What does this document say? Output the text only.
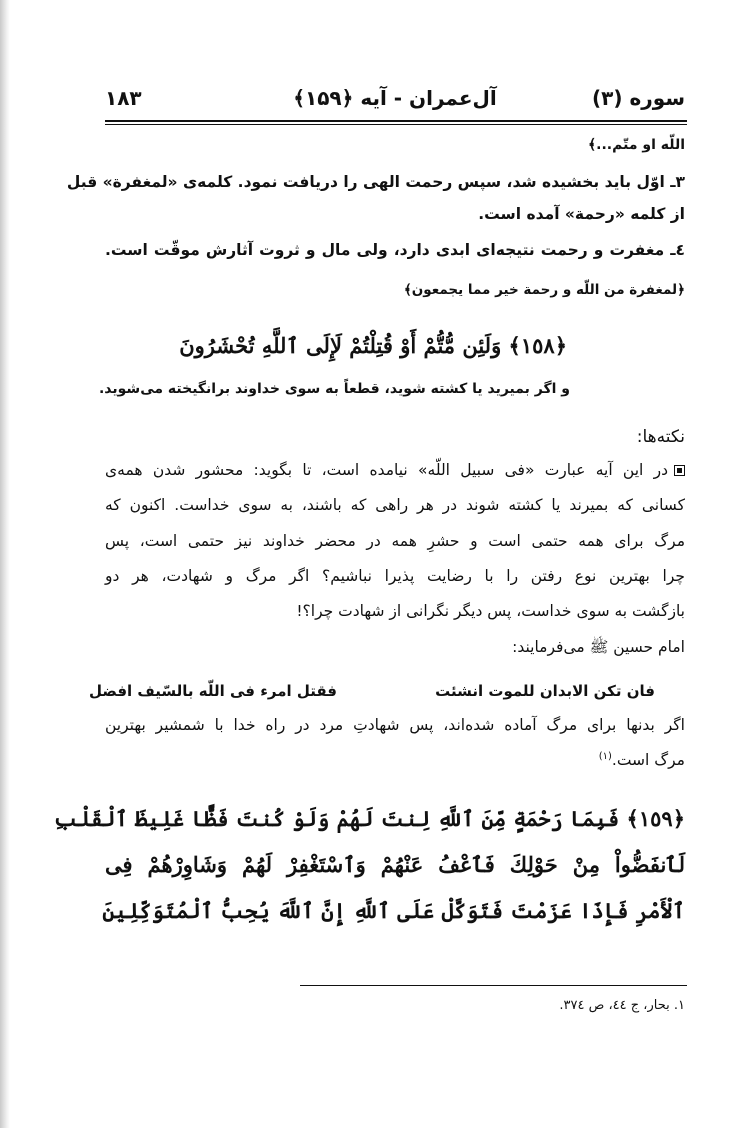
سوره (۳)
آل‌عمران - آیه ﴿۱۵۹﴾
۱۸۳
اللّه او متّم...﴾
۳ـ اوّل باید بخشیده شد، سپس رحمت الهی را دریافت نمود. کلمه‌ی «لمغفرة» قبل
از کلمه «رحمة» آمده است.
٤ـ مغفرت و رحمت نتیجه‌ای ابدی دارد، ولی مال و ثروت آثارش موقّت است.
﴿لمغفرة من اللّه و رحمة خیر مما یجمعون﴾
﴿١٥٨﴾ وَلَئِن مُّتُّمْ أَوْ قُتِلْتُمْ لَإِلَى ٱللَّهِ تُحْشَرُونَ
و اگر بمیرید یا کشته شوید، قطعاً به سوی خداوند برانگیخته می‌شوید.
نکته‌ها:
در این آیه عبارت «فی سبیل اللّه» نیامده است، تا بگوید: محشور شدن همه‌ی
کسانی که بمیرند یا کشته شوند در هر راهی که باشند، به سوی خداست. اکنون که
مرگ برای همه حتمی است و حشرِ همه در محضر خداوند نیز حتمی است، پس
چرا بهترین نوع رفتن را با رضایت پذیرا نباشیم؟ اگر مرگ و شهادت، هر دو
بازگشت به سوی خداست، پس دیگر نگرانی از شهادت چرا؟!
امام حسین ﷺ می‌فرمایند:
فان تکن الابدان للموت انشئت
فقتل امرء فی اللّه بالسّیف افضل
اگر بدنها برای مرگ آماده شده‌اند، پس شهادتِ مرد در راه خدا با شمشیر بهترین
مرگ است.$^{(۱)}$
﴿١٥٩﴾ فَبِمَا رَحْمَةٍ مِّنَ ٱللَّهِ لِنتَ لَهُمْ وَلَوْ كُنتَ فَظًّا غَلِيظَ ٱلْقَلْبِ
لَٱنفَضُّواْ مِنْ حَوْلِكَ فَٱعْفُ عَنْهُمْ وَٱسْتَغْفِرْ لَهُمْ وَشَاوِرْهُمْ فِى
ٱلْأَمْرِ فَإِذَا عَزَمْتَ فَتَوَكَّلْ عَلَى ٱللَّهِ إِنَّ ٱللَّهَ يُحِبُّ ٱلْمُتَوَكِّلِينَ
۱. بحار، ج ٤٤، ص ۳۷٤.
